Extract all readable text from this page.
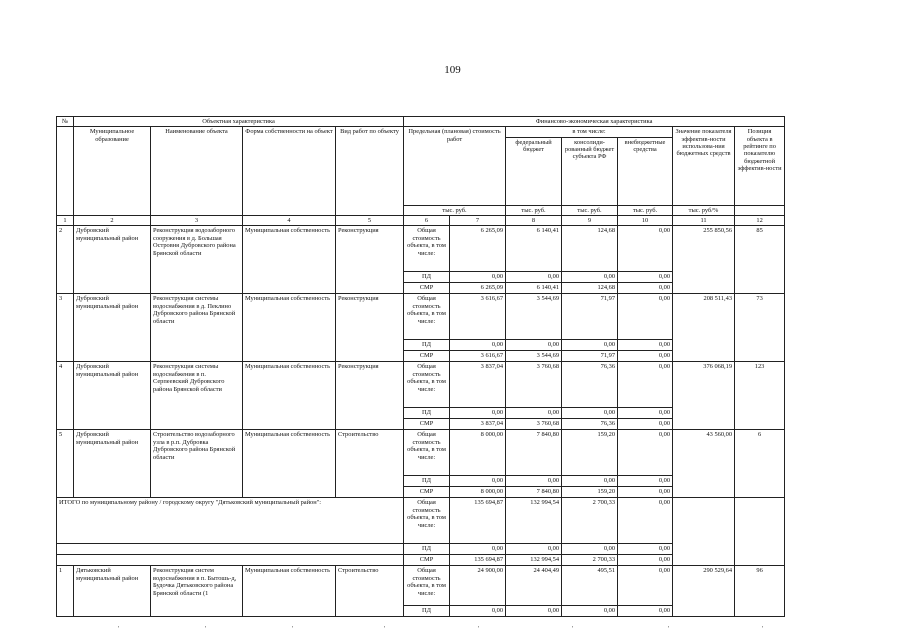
109
№	Объектная характеристика				Финансово-экономическая характеристика						
	Муниципальное образование	Наименование объекта	Форма собственности на объект	Вид работ по объекту	Предельная (плановая) стоимость работ		в том числе:			Значение показателя эффектив-ности использова-ния бюджетных средств	Позиция объекта в рейтинге по показателю бюджетной эффектив-ности
							федеральный бюджет	консолиди-рованный бюджет субъекта РФ	внебюджетные средства		
					тыс. руб.		тыс. руб.	тыс. руб.	тыс. руб.	тыс. руб/%	
1	2	3	4	5	6	7	8	9	10	11	12
2	Дубровский муниципальный район	Реконструкция водозаборного сооружения в д. Большая Островня Дубровского района Брянской области	Муниципальная собственность	Реконструкция	Общая стоимость объекта, в том числе:	6 265,09	6 140,41	124,68	0,00	255 850,56	85
					ПД	0,00	0,00	0,00	0,00		
					СМР	6 265,09	6 140,41	124,68	0,00		
3	Дубровский муниципальный район	Реконструкция системы водоснабжения в д. Пеклино Дубровского района Брянской области	Муниципальная собственность	Реконструкция	Общая стоимость объекта, в том числе:	3 616,67	3 544,69	71,97	0,00	208 511,43	73
					ПД	0,00	0,00	0,00	0,00		
					СМР	3 616,67	3 544,69	71,97	0,00		
4	Дубровский муниципальный район	Реконструкция системы водоснабжения в п. Серпеевский Дубровского района Брянской области	Муниципальная собственность	Реконструкция	Общая стоимость объекта, в том числе:	3 837,04	3 760,68	76,36	0,00	376 068,19	123
					ПД	0,00	0,00	0,00	0,00		
					СМР	3 837,04	3 760,68	76,36	0,00		
5	Дубровский муниципальный район	Строительство водозаборного узла в р.п. Дубровка Дубровского района Брянской области	Муниципальная собственность	Строительство	Общая стоимость объекта, в том числе:	8 000,00	7 840,80	159,20	0,00	43 560,00	6
					ПД	0,00	0,00	0,00	0,00		
					СМР	8 000,00	7 840,80	159,20	0,00		
ИТОГО по муниципальному району / городскому округу "Дятьковский муниципальный район":					Общая стоимость объекта, в том числе:	135 694,87	132 994,54	2 700,33	0,00		
					ПД	0,00	0,00	0,00	0,00		
					СМР	135 694,87	132 994,54	2 700,33	0,00		
1	Дятьковский муниципальный район	Реконструкция систем водоснабжения в п. Бытошь-д, Будочка Дятьковского района Брянской области (1	Муниципальная собственность	Строительство	Общая стоимость объекта, в том числе:	24 900,00	24 404,49	495,51	0,00	290 529,64	96
					ПД	0,00	0,00	0,00	0,00		
'	'	'	'	'	'	'	'
